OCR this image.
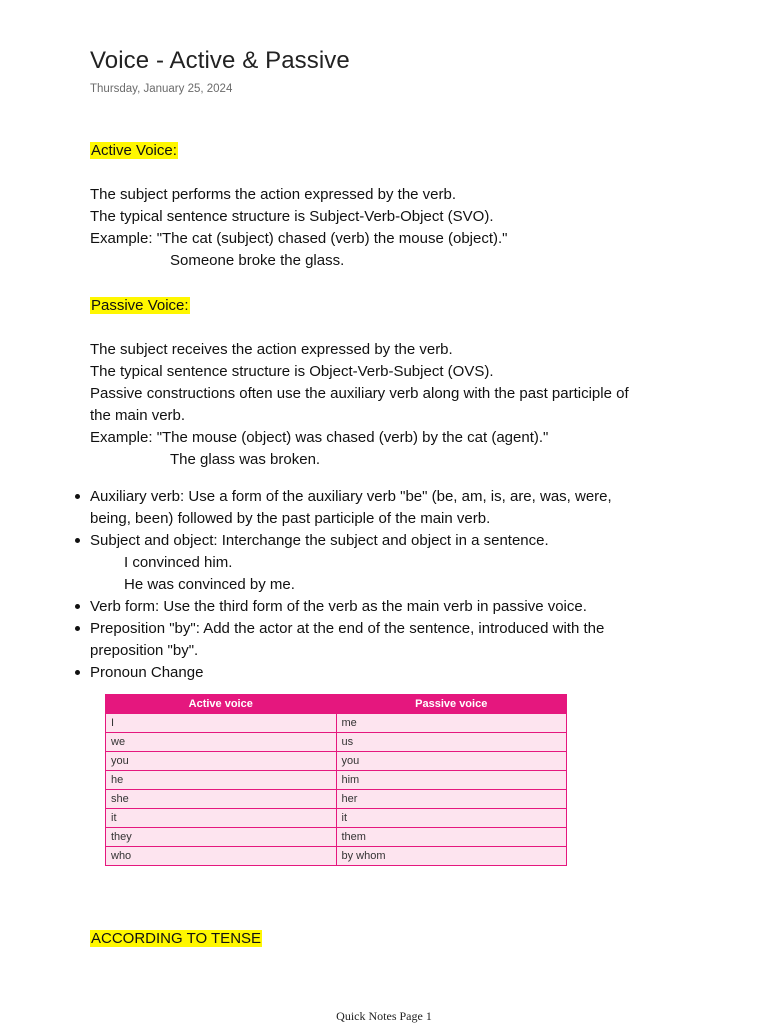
Voice - Active & Passive
Thursday, January 25, 2024
Active Voice:
The subject performs the action expressed by the verb.
The typical sentence structure is Subject-Verb-Object (SVO).
Example: "The cat (subject) chased (verb) the mouse (object)."
Someone broke the glass.
Passive Voice:
The subject receives the action expressed by the verb.
The typical sentence structure is Object-Verb-Subject (OVS).
Passive constructions often use the auxiliary verb along with the past participle of
the main verb.
Example: "The mouse (object) was chased (verb) by the cat (agent)."
The glass was broken.
Auxiliary verb: Use a form of the auxiliary verb "be" (be, am, is, are, was, were,
being, been) followed by the past participle of the main verb.
Subject and object: Interchange the subject and object in a sentence.
I convinced him.
He was convinced by me.
Verb form: Use the third form of the verb as the main verb in passive voice.
Preposition "by": Add the actor at the end of the sentence, introduced with the
preposition "by".
Pronoun Change
Active voice	Passive voice
I	me
we	us
you	you
he	him
she	her
it	it
they	them
who	by whom
ACCORDING TO TENSE
Quick Notes Page 1
